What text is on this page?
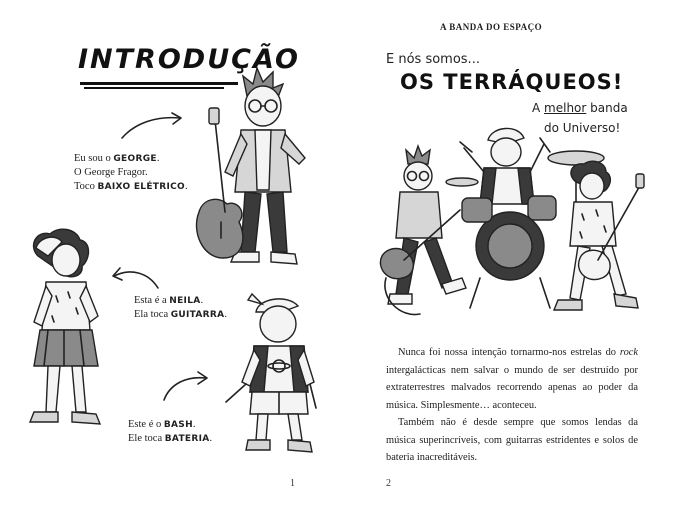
INTRODUÇÃO
Eu sou o GEORGE.
O George Fragor.
Toco BAIXO ELÉTRICO.
Esta é a NEILA.
Ela toca GUITARRA.
Este é o BASH.
Ele toca BATERIA.
1
A BANDA DO ESPAÇO
E nós somos...
OS TERRÁQUEOS!
A melhor banda
do Universo!

Nunca foi nossa intenção tornarmo-nos estrelas do rock intergalácticas nem salvar o mundo de ser destruído por extraterrestres malvados recorrendo apenas ao poder da música. Simplesmente… aconteceu.

Também não é desde sempre que somos lendas da música superincríveis, com guitarras estridentes e solos de bateria inacreditáveis.

2
